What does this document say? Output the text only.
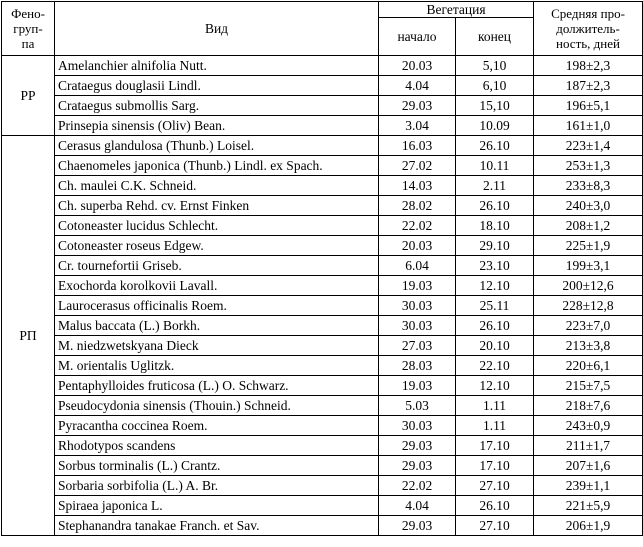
Фено-
груп-
па	Вид	Вегетация		Средняя про-
должитель-
ность, дней
		начало	конец	
РР	Amelanchier alnifolia Nutt.	20.03	5,10	198±2,3
	Crataegus douglasii Lindl.	4.04	6,10	187±2,3
	Crataegus submollis Sarg.	29.03	15,10	196±5,1
	Prinsepia sinensis (Oliv) Bean.	3.04	10.09	161±1,0
РП	Cerasus glandulosa (Thunb.) Loisel.	16.03	26.10	223±1,4
	Chaenomeles japonica (Thunb.) Lindl. ex Spach.	27.02	10.11	253±1,3
	Ch. maulei C.K. Schneid.	14.03	2.11	233±8,3
	Ch. superba Rehd. cv. Ernst Finken	28.02	26.10	240±3,0
	Cotoneaster lucidus Schlecht.	22.02	18.10	208±1,2
	Cotoneaster roseus Edgew.	20.03	29.10	225±1,9
	Cr. tournefortii Griseb.	6.04	23.10	199±3,1
	Exochorda korolkovii Lavall.	19.03	12.10	200±12,6
	Laurocerasus officinalis Roem.	30.03	25.11	228±12,8
	Malus baccata (L.) Borkh.	30.03	26.10	223±7,0
	M. niedzwetskyana Dieck	27.03	20.10	213±3,8
	M. orientalis Uglitzk.	28.03	22.10	220±6,1
	Pentaphylloides fruticosa (L.) O. Schwarz.	19.03	12.10	215±7,5
	Pseudocydonia sinensis (Thouin.) Schneid.	5.03	1.11	218±7,6
	Pyracantha coccinea Roem.	30.03	1.11	243±0,9
	Rhodotypos scandens	29.03	17.10	211±1,7
	Sorbus torminalis (L.) Crantz.	29.03	17.10	207±1,6
	Sorbaria sorbifolia (L.) A. Br.	22.02	27.10	239±1,1
	Spiraea japonica L.	4.04	26.10	221±5,9
	Stephanandra tanakae Franch. et Sav.	29.03	27.10	206±1,9
